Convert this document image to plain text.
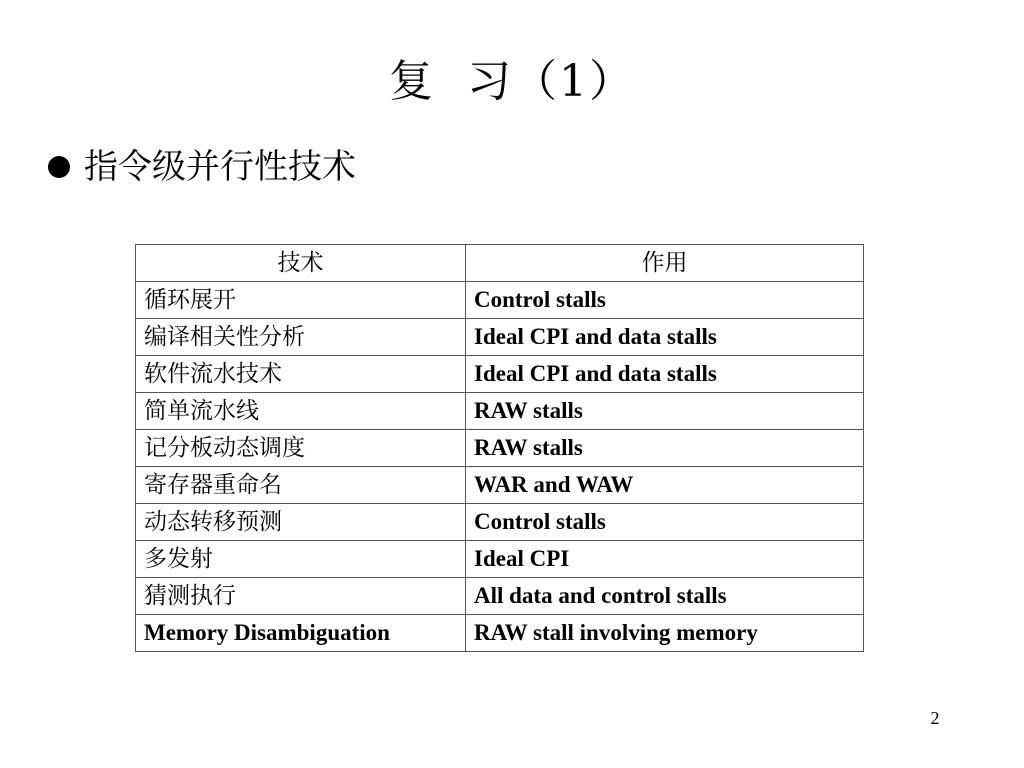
复  习（1）
指令级并行性技术
技术	作用
循环展开	Control stalls
编译相关性分析	Ideal CPI and data stalls
软件流水技术	Ideal CPI and data stalls
简单流水线	RAW stalls
记分板动态调度	RAW stalls
寄存器重命名	WAR and WAW
动态转移预测	Control stalls
多发射	Ideal CPI
猜测执行	All data and control stalls
Memory Disambiguation	RAW stall involving memory
2
